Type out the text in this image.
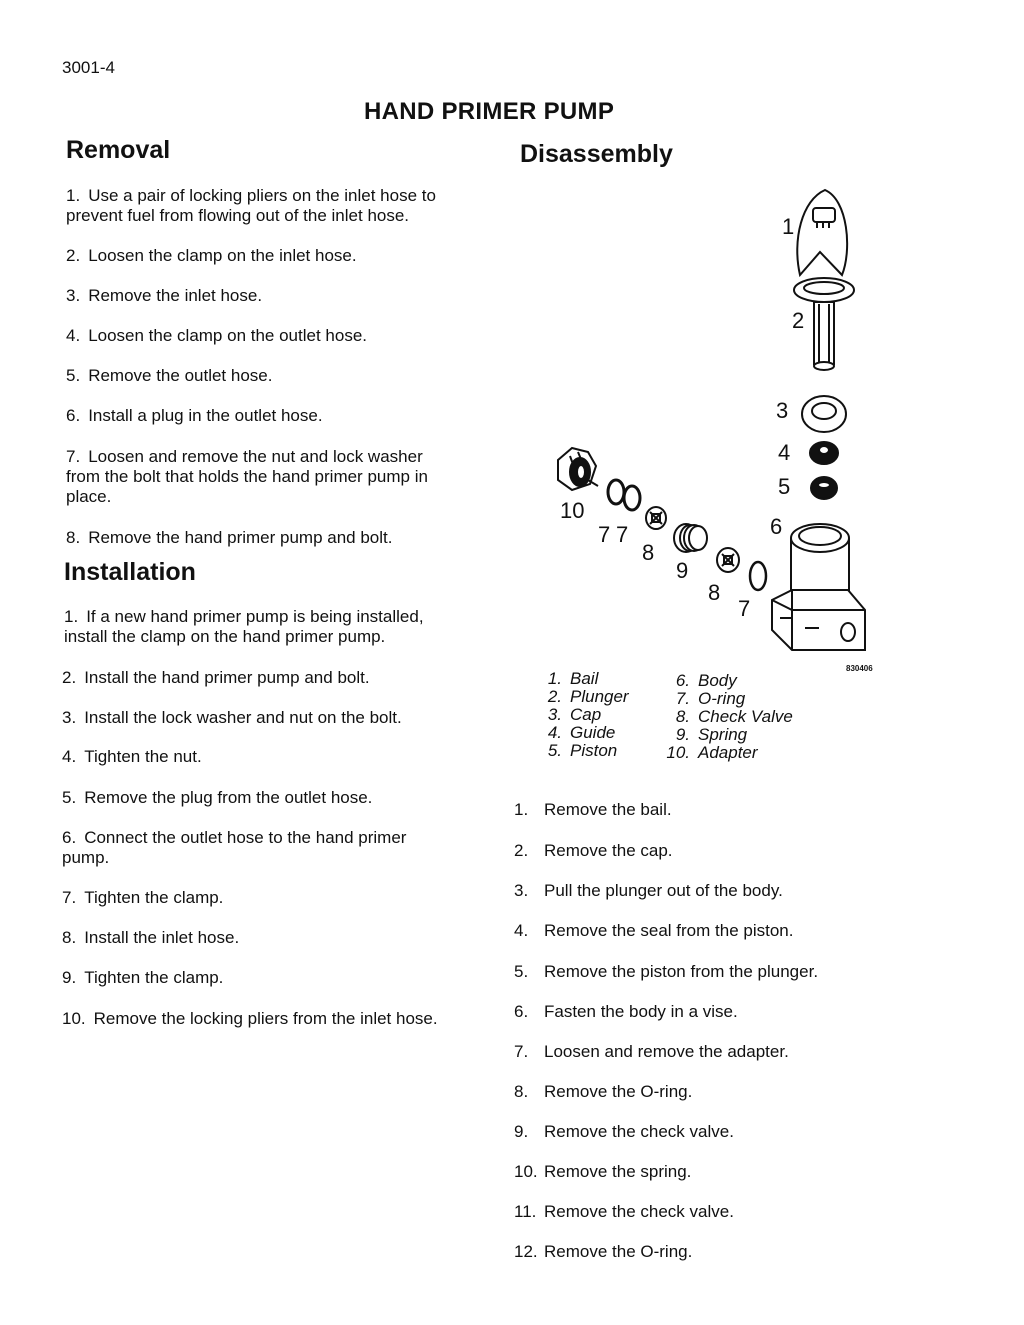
3001-4
HAND PRIMER PUMP
Removal

1. Use a pair of locking pliers on the inlet hose to prevent fuel from flowing out of the inlet hose.

2. Loosen the clamp on the inlet hose.

3. Remove the inlet hose.

4. Loosen the clamp on the outlet hose.

5. Remove the outlet hose.

6. Install a plug in the outlet hose.

7. Loosen and remove the nut and lock washer from the bolt that holds the hand primer pump in place.

8. Remove the hand primer pump and bolt.

Installation

1. If a new hand primer pump is being installed, install the clamp on the hand primer pump.

2. Install the hand primer pump and bolt.

3. Install the lock washer and nut on the bolt.

4. Tighten the nut.

5. Remove the plug from the outlet hose.

6. Connect the outlet hose to the hand primer pump.

7. Tighten the clamp.

8. Install the inlet hose.

9. Tighten the clamp.

10. Remove the locking pliers from the inlet hose.

Disassembly
1
2
3
4
5
6
10
7 7
8
9
8
7
830406
1. Bail
2. Plunger
3. Cap
4. Guide
5. Piston
6. Body
7. O-ring
8. Check Valve
9. Spring
10. Adapter

1. Remove the bail.

2. Remove the cap.

3. Pull the plunger out of the body.

4. Remove the seal from the piston.

5. Remove the piston from the plunger.

6. Fasten the body in a vise.

7. Loosen and remove the adapter.

8. Remove the O-ring.

9. Remove the check valve.

10. Remove the spring.

11. Remove the check valve.

12. Remove the O-ring.
